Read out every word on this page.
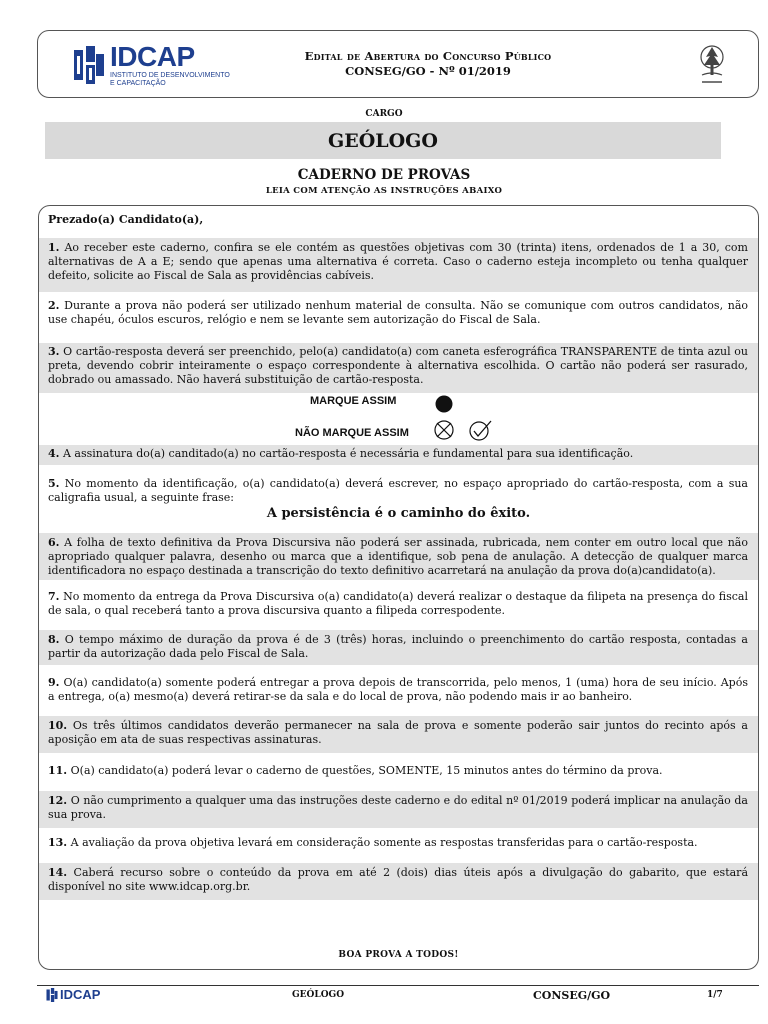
IDCAP
INSTITUTO DE DESENVOLVIMENTO
E CAPACITAÇÃO
Edital de Abertura do Concurso Público
CONSEG/GO - Nº 01/2019
CARGO
GEÓLOGO
CADERNO DE PROVAS
LEIA COM ATENÇÃO AS INSTRUÇÕES ABAIXO
Prezado(a) Candidato(a),
1. Ao receber este caderno, confira se ele contém as questões objetivas com 30 (trinta) itens, ordenados de 1 a 30, com alternativas de A a E; sendo que apenas uma alternativa é correta. Caso o caderno esteja incompleto ou tenha qualquer defeito, solicite ao Fiscal de Sala as providências cabíveis.
2. Durante a prova não poderá ser utilizado nenhum material de consulta. Não se comunique com outros candidatos, não use chapéu, óculos escuros, relógio e nem se levante sem autorização do Fiscal de Sala.
3. O cartão-resposta deverá ser preenchido, pelo(a) candidato(a) com caneta esferográfica TRANSPARENTE de tinta azul ou preta, devendo cobrir inteiramente o espaço correspondente à alternativa escolhida. O cartão não poderá ser rasurado, dobrado ou amassado. Não haverá substituição de cartão-resposta.
MARQUE ASSIM
NÃO MARQUE ASSIM
4. A assinatura do(a) canditado(a) no cartão-resposta é necessária e fundamental para sua identificação.
5. No momento da identificação, o(a) candidato(a) deverá escrever, no espaço apropriado do cartão-resposta, com a sua caligrafia usual, a seguinte frase:
A persistência é o caminho do êxito.
6. A folha de texto definitiva da Prova Discursiva não poderá ser assinada, rubricada, nem conter em outro local que não apropriado qualquer palavra, desenho ou marca que a identifique, sob pena de anulação. A detecção de qualquer marca identificadora no espaço destinada a transcrição do texto definitivo acarretará na anulação da prova do(a)candidato(a).
7. No momento da entrega da Prova Discursiva o(a) candidato(a) deverá realizar o destaque da filipeta na presença do fiscal de sala, o qual receberá tanto a prova discursiva quanto a filipeda correspodente.
8. O tempo máximo de duração da prova é de 3 (três) horas, incluindo o preenchimento do cartão resposta, contadas a partir da autorização dada pelo Fiscal de Sala.
9. O(a) candidato(a) somente poderá entregar a prova depois de transcorrida, pelo menos, 1 (uma) hora de seu início. Após a entrega, o(a) mesmo(a) deverá retirar-se da sala e do local de prova, não podendo mais ir ao banheiro.
10. Os três últimos candidatos deverão permanecer na sala de prova e somente poderão sair juntos do recinto após a aposição em ata de suas respectivas assinaturas.
11. O(a) candidato(a) poderá levar o caderno de questões, SOMENTE, 15 minutos antes do término da prova.
12. O não cumprimento a qualquer uma das instruções deste caderno e do edital nº 01/2019 poderá implicar na anulação da sua prova.
13. A avaliação da prova objetiva levará em consideração somente as respostas transferidas para o cartão-resposta.
14. Caberá recurso sobre o conteúdo da prova em até 2 (dois) dias úteis após a divulgação do gabarito, que estará disponível no site www.idcap.org.br.
BOA PROVA A TODOS!
IDCAP	GEÓLOGO	CONSEG/GO	1/7
